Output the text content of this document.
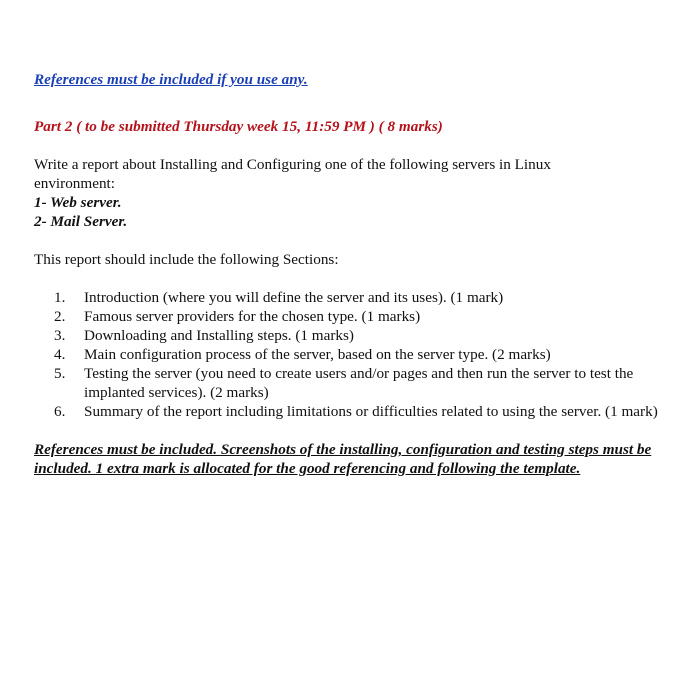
References must be included if you use any.
Part 2 ( to be submitted Thursday week 15, 11:59 PM ) ( 8 marks)
Write a report about Installing and Configuring one of the following servers in Linux environment:
1- Web server.
2- Mail Server.
This report should include the following Sections:
1. Introduction (where you will define the server and its uses). (1 mark)
2. Famous server providers for the chosen type. (1 marks)
3. Downloading and Installing steps. (1 marks)
4. Main configuration process of the server, based on the server type. (2 marks)
5. Testing the server (you need to create users and/or pages and then run the server to test the implanted services). (2 marks)
6. Summary of the report including limitations or difficulties related to using the server. (1 mark)
References must be included. Screenshots of the installing, configuration and testing steps must be included. 1 extra mark is allocated for the good referencing and following the template.
